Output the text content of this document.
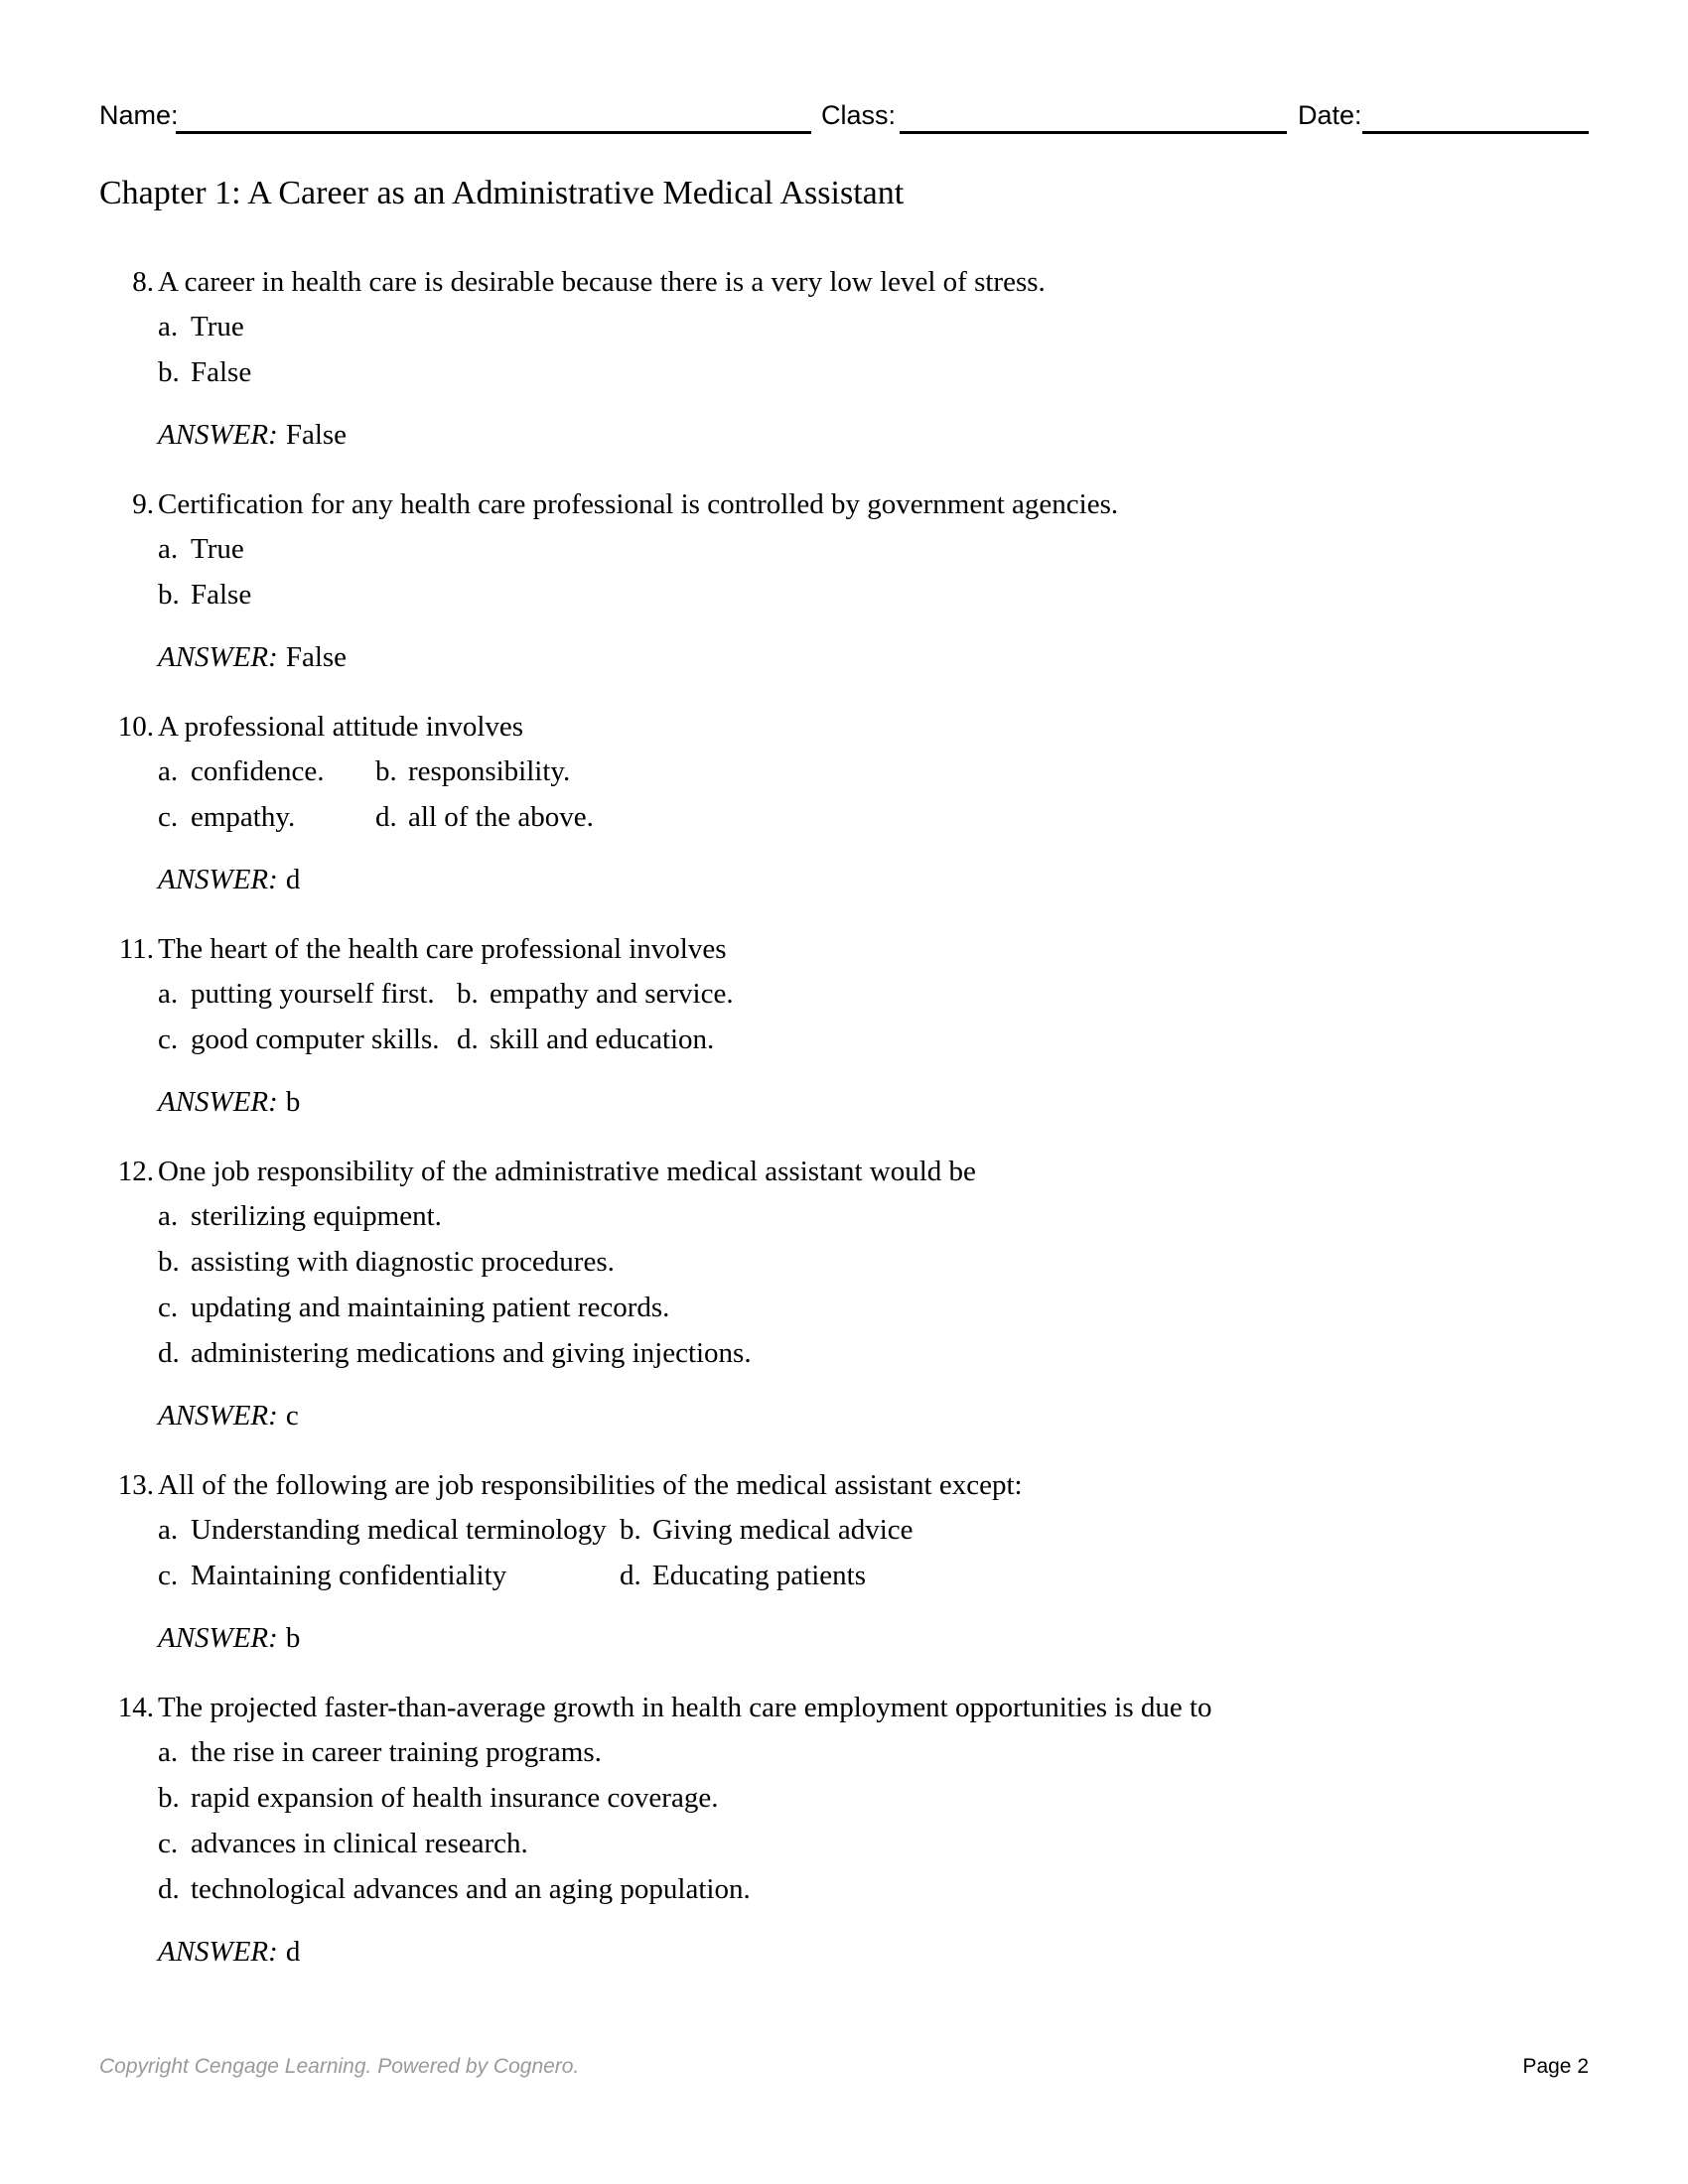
Name:	Class:	Date:
Chapter 1: A Career as an Administrative Medical Assistant
8. A career in health care is desirable because there is a very low level of stress.
a. True
b. False
ANSWER: False
9. Certification for any health care professional is controlled by government agencies.
a. True
b. False
ANSWER: False
10. A professional attitude involves
a. confidence. b. responsibility.
c. empathy.	d. all of the above.
ANSWER: d
11. The heart of the health care professional involves
a. putting yourself first. b. empathy and service.
c. good computer skills. d. skill and education.
ANSWER: b
12. One job responsibility of the administrative medical assistant would be
a. sterilizing equipment.
b. assisting with diagnostic procedures.
c. updating and maintaining patient records.
d. administering medications and giving injections.
ANSWER: c
13. All of the following are job responsibilities of the medical assistant except:
a. Understanding medical terminology b. Giving medical advice
c. Maintaining confidentiality	d. Educating patients
ANSWER: b
14. The projected faster-than-average growth in health care employment opportunities is due to
a. the rise in career training programs.
b. rapid expansion of health insurance coverage.
c. advances in clinical research.
d. technological advances and an aging population.
ANSWER: d
Copyright Cengage Learning. Powered by Cognero.	Page 2
